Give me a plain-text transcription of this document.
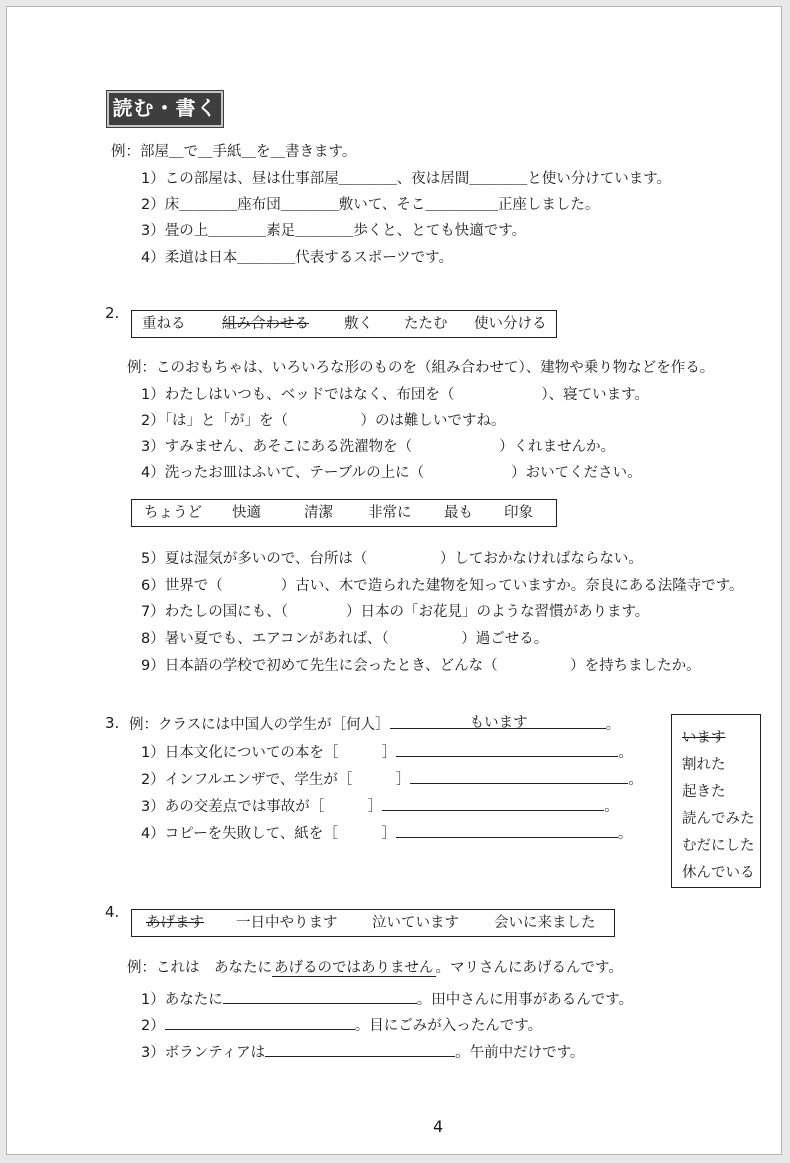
読む・書く
例：部屋＿で＿手紙＿を＿書きます。
1）この部屋は、昼は仕事部屋＿＿＿＿、夜は居間＿＿＿＿と使い分けています。
2）床＿＿＿＿座布団＿＿＿＿敷いて、そこ＿＿＿＿＿正座しました。
3）畳の上＿＿＿＿素足＿＿＿＿歩くと、とても快適です。
4）柔道は日本＿＿＿＿代表するスポーツです。
2.
重ねる	組み合わせる 敷く たたむ 使い分ける
例：このおもちゃは、いろいろな形のものを（組み合わせて）、建物や乗り物などを作る。
1）わたしはいつも、ベッドではなく、布団を（　　　　　　）、寝ています。
2）「は」と「が」を（　　　　　）のは難しいですね。
3）すみません、あそこにある洗濯物を（　　　　　　）くれませんか。
4）洗ったお皿はふいて、テーブルの上に（　　　　　　）おいてください。
ちょうど 快適	清潔 非常に 最も 印象
5）夏は湿気が多いので、台所は（　　　　　）しておかなければならない。
6）世界で（　　　　）古い、木で造られた建物を知っていますか。奈良にある法隆寺です。
7）わたしの国にも、（　　　　）日本の「お花見」のような習慣があります。
8）暑い夏でも、エアコンがあれば、（　　　　　）過ごせる。
9）日本語の学校で初めて先生に会ったとき、どんな（　　　　　）を持ちましたか。
3. 例：クラスには中国人の学生が［何人］	もいます	。
1）日本文化についての本を［　　　］	。
2）インフルエンザで、学生が［　　　］	。
3）あの交差点では事故が［　　　］	。
4）コピーを失敗して、紙を［　　　］	。
います
割れた
起きた
読んでみた
むだにした
休んでいる
4.
あげます 一日中やります 泣いています 会いに来ました
例：これは　あなたに あげるのではありません 。マリさんにあげるんです。
1）あなたに	。田中さんに用事があるんです。
2）	。目にごみが入ったんです。
3）ボランティアは	。午前中だけです。
4
